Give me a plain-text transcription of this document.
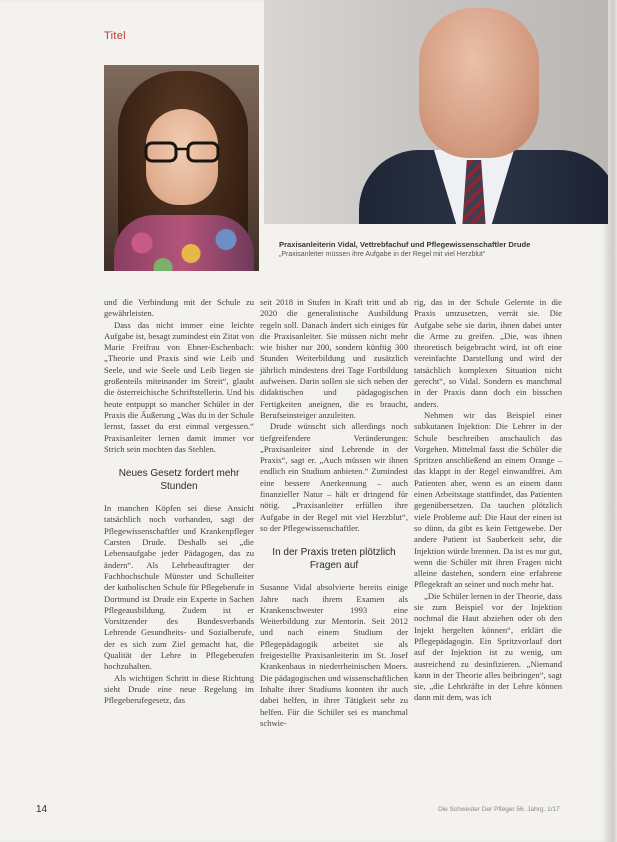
Titel
Praxisanleiterin Vidal, Vettrebfachuf und Pflegewissenschaftler Drude
„Praxisanleiter müssen ihre Aufgabe in der Regel mit viel Herzblut“

und die Verbindung mit der Schule zu gewährleisten.

Dass das nicht immer eine leichte Aufgabe ist, besagt zumindest ein Zitat von Marie Freifrau von Ebner-Eschenbach: „Theorie und Praxis sind wie Leib und Seele, und wie Seele und Leib liegen sie großenteils miteinander im Streit“, glaubt die österreichische Schriftstellerin. Und bis heute entpuppt so mancher Schüler in der Praxis die Äußerung „Was du in der Schule lernst, fasset du erst einmal vergessen.“ Praxisanleiter lernen damit immer vor Strich sein mochten das Stehlen.

Neues Gesetz fordert mehr Stunden

In manchen Köpfen sei diese Ansicht tatsächlich noch vorhanden, sagt der Pflegewissenschaftler und Krankenpfleger Carsten Drude. Deshalb sei „die Lebensaufgabe jeder Pädagogen, das zu ändern“. Als Lehrbeauftragter der Fachhochschule Münster und Schulleiter der katholischen Schule für Pflegeberufe in Dortmund ist Drude ein Experte in Sachen Pflegeausbildung. Zudem ist er Vorsitzender des Bundesverbands Lehrende Gesundheits- und Sozialberufe, der es sich zum Ziel gemacht hat, die Qualität der Lehre in Pflegeberufen hochzuhalten.

Als wichtigen Schritt in diese Richtung sieht Drude eine neue Regelung im Pflegeberufegesetz, das

seit 2018 in Stufen in Kraft tritt und ab 2020 die generalistische Ausbildung regeln soll. Danach ändert sich einiges für die Praxisanleiter. Sie müssen nicht mehr wie bisher nur 200, sondern künftig 300 Stunden Weiterbildung und zusätzlich jährlich mindestens drei Tage Fortbildung aufweisen. Darin sollen sie sich neben der didaktischen und pädagogischen Fertigkeiten aneignen, die es braucht, Berufseinsteiger anzuleiten.

Drude wünscht sich allerdings noch tiefgreifendere Veränderungen: „Praxisanleiter sind Lehrende in der Praxis“, sagt er. „Auch müssen wir ihnen endlich ein Studium anbieten.“ Zumindest eine bessere Anerkennung – auch finanzieller Natur – hält er dringend für nötig. „Praxisanleiter erfüllen ihre Aufgabe in der Regel mit viel Herzblut“, so der Pflegewissenschaftler.

In der Praxis treten plötzlich Fragen auf

Susanne Vidal absolvierte bereits einige Jahre nach ihrem Examen als Krankenschwester 1993 eine Weiterbildung zur Mentorin. Seit 2012 und nach einem Studium der Pflegepädagogik arbeitet sie als freigestellte Praxisanleiterin im St. Josef Krankenhaus in niederrheinischen Moers. Die pädagogischen und wissenschaftlichen Inhalte ihrer Studiums konnten ihr auch dabei helfen, in ihrer Tätigkeit sehr zu helfen. Für die Schüler sei es manchmal schwie-

rig, das in der Schule Gelernte in die Praxis umzusetzen, verrät sie. Die Aufgabe sehe sie darin, ihnen dabei unter die Arme zu greifen. „Die, was ihnen theoretisch beigebracht wird, ist oft eine vereinfachte Darstellung und wird der tatsächlich komplexen Situation nicht gerecht“, so Vidal. Sondern es manchmal in der Praxis dann doch ein bisschen anders.

Nehmen wir das Beispiel einer subkutanen Injektion: Die Lehrer in der Schule beschreiben anschaulich das Vorgehen. Mittelmal fasst die Schüler die Spritzen anschließend an einem Orange – das klappt in der Regel einwandfrei. Am Patienten aber, wenn es an einem dann einen Arbeitstage stattfindet, das Patienten gegenübersetzen. Da tauchen plötzlich viele Probleme auf: Die Haut der einen ist so dünn, da gibt es kein Fettgewebe. Der andere Patient ist Sauberkeit sehr, die Injektion würde brennen. Da ist es nur gut, wenn die Schüler mit ihren Fragen nicht alleine dastehen, sondern eine erfahrene Pflegekraft an seiner und noch mehr hat.

„Die Schüler lernen in der Theorie, dass sie zum Beispiel vor der Injektion nochmal die Haut abziehen oder ob den Injekt hergelten können“, erklärt die Pflegepädagogin. Ein Spritzvorlauf dort auf der Injektion ist zu wenig, um ausreichend zu desinfizieren. „Niemand kann in der Theorie alles beibringen“, sagt sie, „die Lehrkräfte in der Lehre können dann mit dem, was ich

14	Die Schwester Der Pfleger 56. Jahrg. 1/17
